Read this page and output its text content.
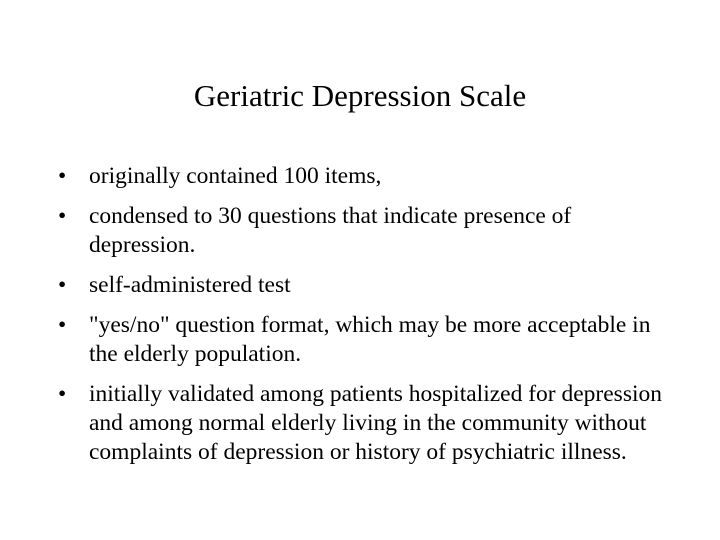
Geriatric Depression Scale
• originally contained 100 items,
• condensed to 30 questions that indicate presence of depression.
• self-administered test
• "yes/no" question format, which may be more acceptable in the elderly population.
• initially validated among patients hospitalized for depression and among normal elderly living in the community without complaints of depression or history of psychiatric illness.
